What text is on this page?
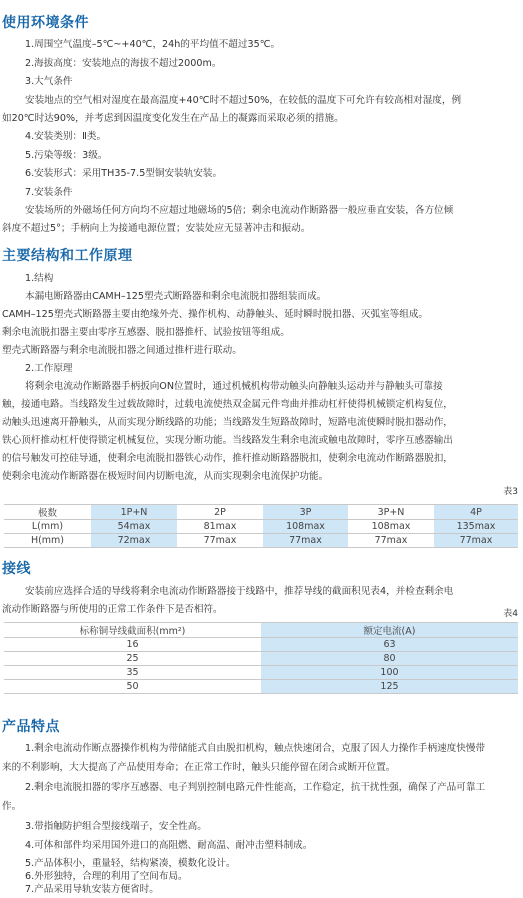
使用环境条件
1.周围空气温度–5℃~+40℃，24h的平均值不超过35℃。
2.海拔高度：安装地点的海拔不超过2000m。
3.大气条件
安装地点的空气相对湿度在最高温度+40℃时不超过50%，在较低的温度下可允许有较高相对湿度，例
如20℃时达90%，并考虑到因温度变化发生在产品上的凝露而采取必须的措施。
4.安装类别：Ⅱ类。
5.污染等级：3级。
6.安装形式：采用TH35-7.5型铜安装轨安装。
7.安装条件
安装场所的外磁场任何方向均不应超过地磁场的5倍；剩余电流动作断路器一般应垂直安装，各方位倾
斜度不超过5°；手柄向上为接通电源位置；安装处应无显著冲击和振动。
主要结构和工作原理
1.结构
本漏电断路器由CAMH–125塑壳式断路器和剩余电流脱扣器组装而成。
CAMH–125塑壳式断路器主要由绝缘外壳、操作机构、动静触头、延时瞬时脱扣器、灭弧室等组成。
剩余电流脱扣器主要由零序互感器、脱扣器推杆、试验按钮等组成。
塑壳式断路器与剩余电流脱扣器之间通过推杆进行联动。
2.工作原理
将剩余电流动作断路器手柄扳向ON位置时，通过机械机构带动触头向静触头运动并与静触头可靠接
触，接通电路。当线路发生过载故障时，过载电流使热双金属元件弯曲并推动杠杆使得机械锁定机构复位，
动触头迅速离开静触头，从而实现分断线路的功能；当线路发生短路故障时，短路电流使瞬时脱扣器动作，
铁心顶杆推动杠杆使得锁定机械复位，实现分断功能。当线路发生剩余电流或触电故障时，零序互感器输出
的信号触发可控硅导通，使剩余电流脱扣器铁心动作，推杆推动断路器脱扣，使剩余电流动作断路器脱扣，
使剩余电流动作断路器在极短时间内切断电流，从而实现剩余电流保护功能。
表3
极数	1P+N	2P	3P	3P+N	4P
L(mm)	54max	81max	108max	108max	135max
H(mm)	72max	77max	77max	77max	77max
接线
安装前应选择合适的导线将剩余电流动作断路器接于线路中，推荐导线的截面积见表4，并检查剩余电
流动作断路器与所使用的正常工作条件下是否相符。	表4
标称铜导线截面积(mm²)	额定电流(A)
16	63
25	80
35	100
50	125
产品特点
1.剩余电流动作断点器操作机构为带储能式自由脱扣机构，触点快速闭合，克服了因人力操作手柄速度快慢带
来的不利影响，大大提高了产品使用寿命；在正常工作时，触头只能停留在闭合或断开位置。
2.剩余电流脱扣器的零序互感器、电子判别控制电路元件性能高，工作稳定，抗干扰性强，确保了产品可靠工
作。
3.带指触防护组合型接线端子，安全性高。
4.可体和部件均采用国外进口的高阻燃、耐高温、耐冲击塑料制成。
5.产品体积小，重量轻，结构紧凑，模数化设计。
6.外形独特，合理的利用了空间布局。
7.产品采用导轨安装方便省时。
